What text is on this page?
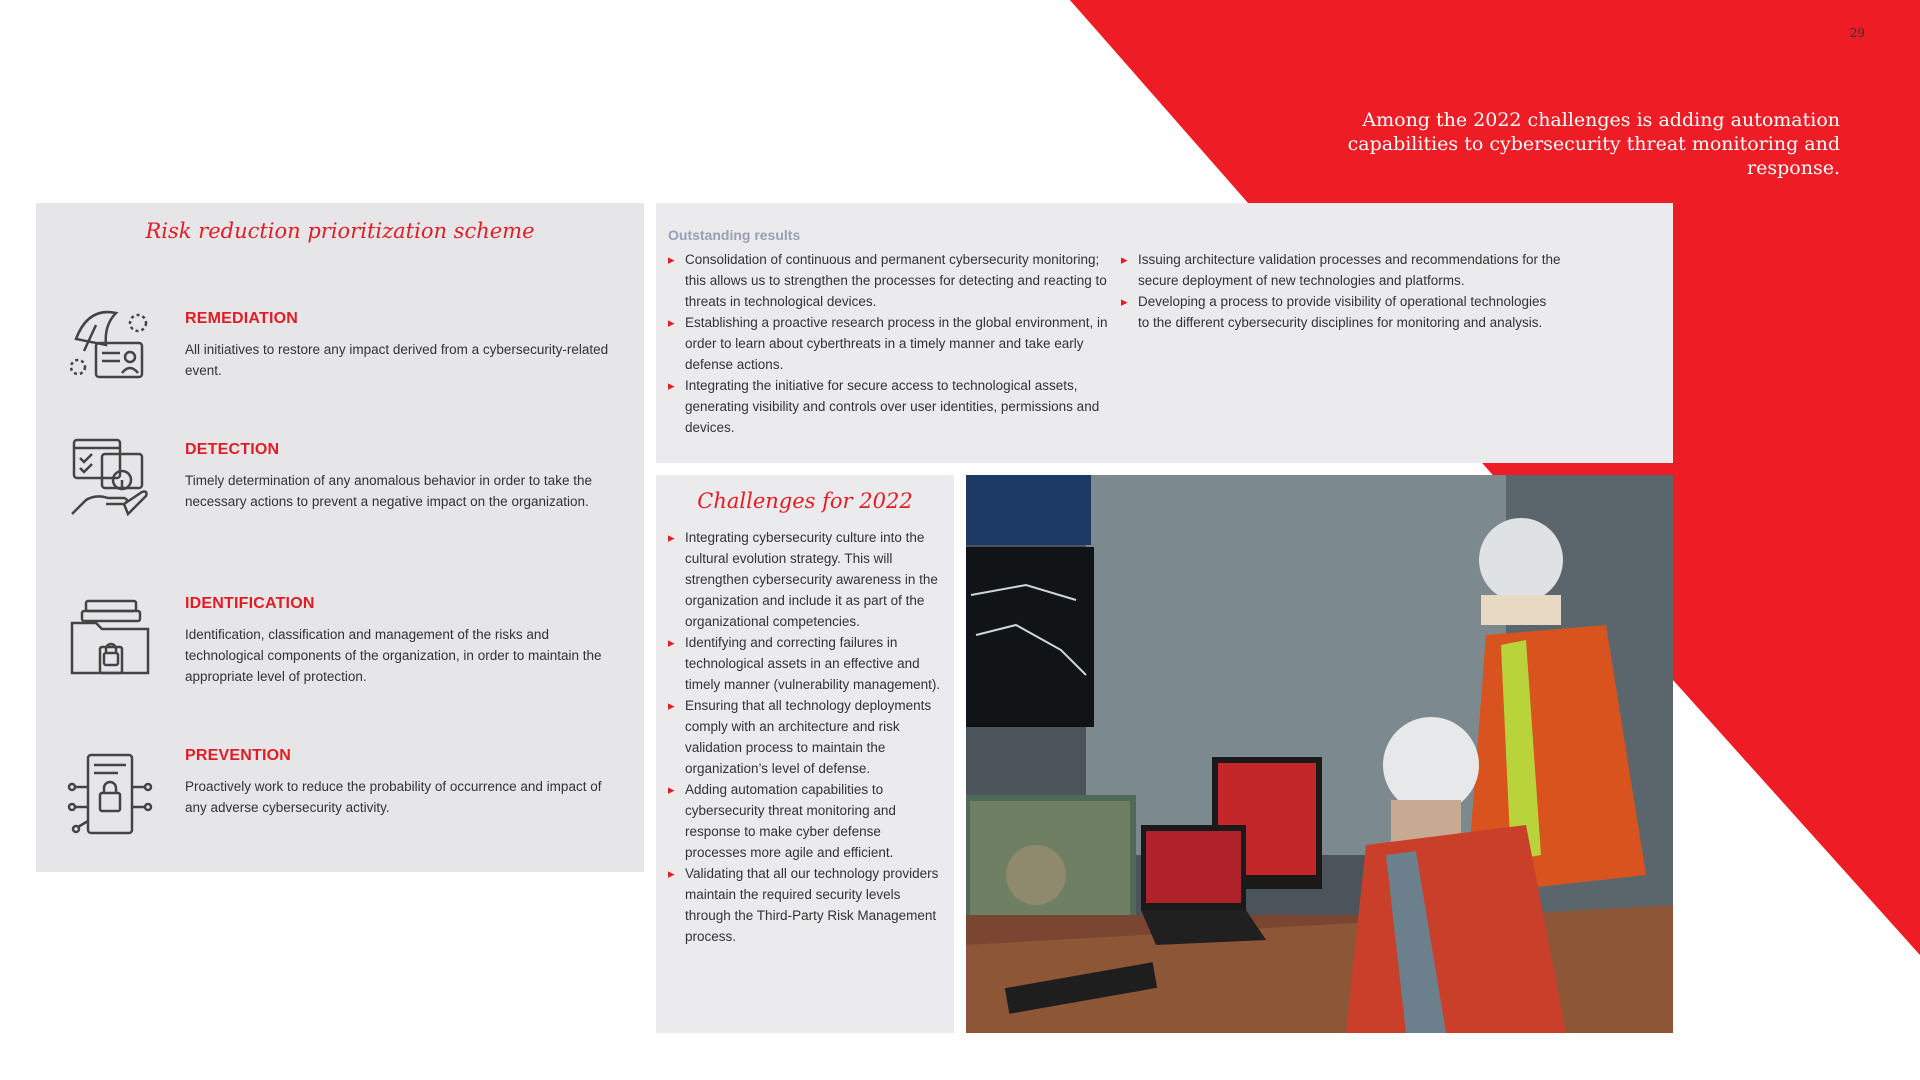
29
Among the 2022 challenges is adding automation capabilities to cybersecurity threat monitoring and response.
Risk reduction prioritization scheme
REMEDIATION
All initiatives to restore any impact derived from a cybersecurity-related event.
DETECTION
Timely determination of any anomalous behavior in order to take the necessary actions to prevent a negative impact on the organization.
IDENTIFICATION
Identification, classification and management of the risks and technological components of the organization, in order to maintain the appropriate level of protection.
PREVENTION
Proactively work to reduce the probability of occurrence and impact of any adverse cybersecurity activity.
Outstanding results
▸ Consolidation of continuous and permanent cybersecurity monitoring; this allows us to strengthen the processes for detecting and reacting to threats in technological devices.
▸ Establishing a proactive research process in the global environment, in order to learn about cyberthreats in a timely manner and take early defense actions.
▸ Integrating the initiative for secure access to technological assets, generating visibility and controls over user identities, permissions and devices.
▸ Issuing architecture validation processes and recommendations for the secure deployment of new technologies and platforms.
▸ Developing a process to provide visibility of operational technologies to the different cybersecurity disciplines for monitoring and analysis.
Challenges for 2022
▸ Integrating cybersecurity culture into the cultural evolution strategy. This will strengthen cybersecurity awareness in the organization and include it as part of the organizational competencies.
▸ Identifying and correcting failures in technological assets in an effective and timely manner (vulnerability management).
▸ Ensuring that all technology deployments comply with an architecture and risk validation process to maintain the organization’s level of defense.
▸ Adding automation capabilities to cybersecurity threat monitoring and response to make cyber defense processes more agile and efficient.
▸ Validating that all our technology providers maintain the required security levels through the Third-Party Risk Management process.
